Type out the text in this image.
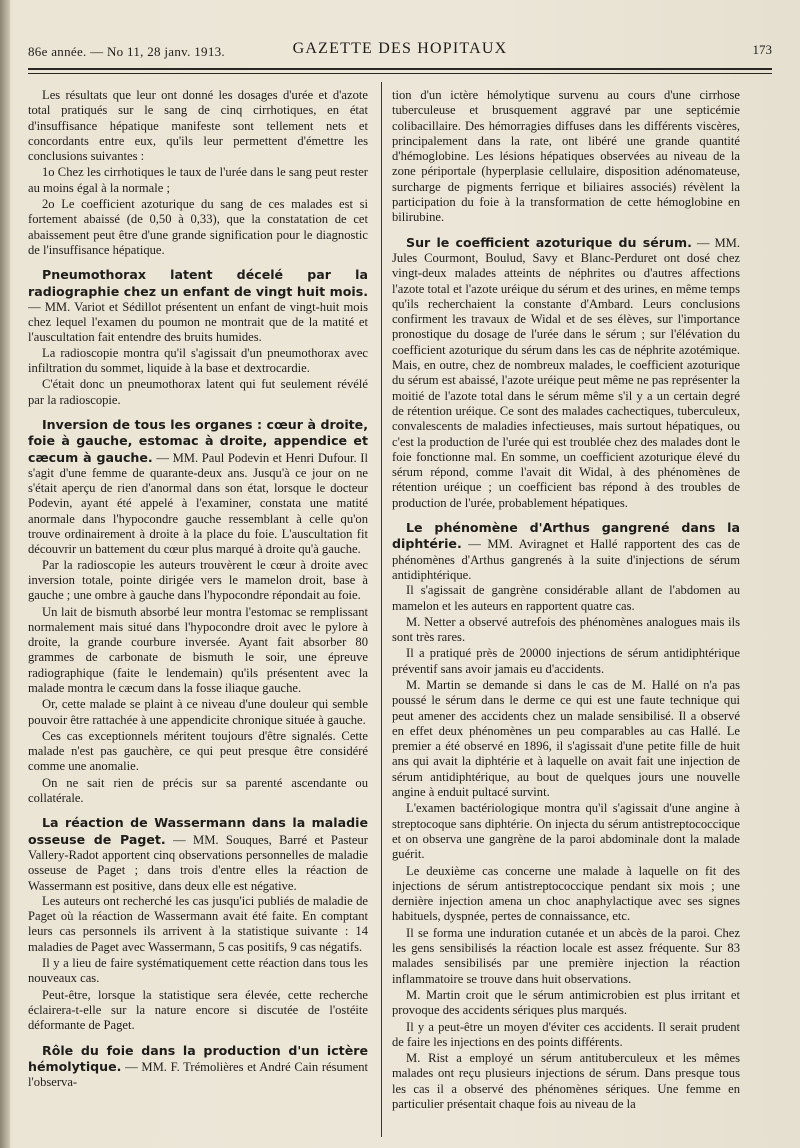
86e année. — No 11, 28 janv. 1913.	GAZETTE DES HOPITAUX	173

Les résultats que leur ont donné les dosages d'urée et d'azote total pratiqués sur le sang de cinq cirrhotiques, en état d'insuffisance hépatique manifeste sont tellement nets et concordants entre eux, qu'ils leur permettent d'émettre les conclusions suivantes :

1o Chez les cirrhotiques le taux de l'urée dans le sang peut rester au moins égal à la normale ;

2o Le coefficient azoturique du sang de ces malades est si fortement abaissé (de 0,50 à 0,33), que la constatation de cet abaissement peut être d'une grande signification pour le diagnostic de l'insuffisance hépatique.

Pneumothorax latent décelé par la radiographie chez un enfant de vingt huit mois.

— MM. Variot et Sédillot présentent un enfant de vingt-huit mois chez lequel l'examen du poumon ne montrait que de la matité et l'auscultation fait entendre des bruits humides.

La radioscopie montra qu'il s'agissait d'un pneumothorax avec infiltration du sommet, liquide à la base et dextrocardie.

C'était donc un pneumothorax latent qui fut seulement révélé par la radioscopie.

Inversion de tous les organes : cœur à droite, foie à gauche, estomac à droite, appendice et cæcum à gauche.

— MM. Paul Podevin et Henri Dufour. Il s'agit d'une femme de quarante-deux ans. Jusqu'à ce jour on ne s'était aperçu de rien d'anormal dans son état, lorsque le docteur Podevin, ayant été appelé à l'examiner, constata une matité anormale dans l'hypocondre gauche ressemblant à celle qu'on trouve ordinairement à droite à la place du foie. L'auscultation fit découvrir un battement du cœur plus marqué à droite qu'à gauche.

Par la radioscopie les auteurs trouvèrent le cœur à droite avec inversion totale, pointe dirigée vers le mamelon droit, base à gauche ; une ombre à gauche dans l'hypocondre répondait au foie.

Un lait de bismuth absorbé leur montra l'estomac se remplissant normalement mais situé dans l'hypocondre droit avec le pylore à droite, la grande courbure inversée. Ayant fait absorber 80 grammes de carbonate de bismuth le soir, une épreuve radiographique (faite le lendemain) qu'ils présentent avec la malade montra le cæcum dans la fosse iliaque gauche.

Or, cette malade se plaint à ce niveau d'une douleur qui semble pouvoir être rattachée à une appendicite chronique située à gauche.

Ces cas exceptionnels méritent toujours d'être signalés. Cette malade n'est pas gauchère, ce qui peut presque être considéré comme une anomalie.

On ne sait rien de précis sur sa parenté ascendante ou collatérale.

La réaction de Wassermann dans la maladie osseuse de Paget.

— MM. Souques, Barré et Pasteur Vallery-Radot apportent cinq observations personnelles de maladie osseuse de Paget ; dans trois d'entre elles la réaction de Wassermann est positive, dans deux elle est négative.

Les auteurs ont recherché les cas jusqu'ici publiés de maladie de Paget où la réaction de Wassermann avait été faite. En comptant leurs cas personnels ils arrivent à la statistique suivante : 14 maladies de Paget avec Wassermann, 5 cas positifs, 9 cas négatifs.

Il y a lieu de faire systématiquement cette réaction dans tous les nouveaux cas.

Peut-être, lorsque la statistique sera élevée, cette recherche éclairera-t-elle sur la nature encore si discutée de l'ostéite déformante de Paget.

Rôle du foie dans la production d'un ictère hémolytique.

— MM. F. Trémolières et André Cain résument l'observa-

tion d'un ictère hémolytique survenu au cours d'une cirrhose tuberculeuse et brusquement aggravé par une septicémie colibacillaire. Des hémorragies diffuses dans les différents viscères, principalement dans la rate, ont libéré une grande quantité d'hémoglobine. Les lésions hépatiques observées au niveau de la zone périportale (hyperplasie cellulaire, disposition adénomateuse, surcharge de pigments ferrique et biliaires associés) révèlent la participation du foie à la transformation de cette hémoglobine en bilirubine.

Sur le coefficient azoturique du sérum.

— MM. Jules Courmont, Boulud, Savy et Blanc-Perduret ont dosé chez vingt-deux malades atteints de néphrites ou d'autres affections l'azote total et l'azote uréique du sérum et des urines, en même temps qu'ils recherchaient la constante d'Ambard. Leurs conclusions confirment les travaux de Widal et de ses élèves, sur l'importance pronostique du dosage de l'urée dans le sérum ; sur l'élévation du coefficient azoturique du sérum dans les cas de néphrite azotémique. Mais, en outre, chez de nombreux malades, le coefficient azoturique du sérum est abaissé, l'azote uréique peut même ne pas représenter la moitié de l'azote total dans le sérum même s'il y a un certain degré de rétention uréique. Ce sont des malades cachectiques, tuberculeux, convalescents de maladies infectieuses, mais surtout hépatiques, ou c'est la production de l'urée qui est troublée chez des malades dont le foie fonctionne mal. En somme, un coefficient azoturique élevé du sérum répond, comme l'avait dit Widal, à des phénomènes de rétention uréique ; un coefficient bas répond à des troubles de production de l'urée, probablement hépatiques.

Le phénomène d'Arthus gangrené dans la diphtérie.

— MM. Aviragnet et Hallé rapportent des cas de phénomènes d'Arthus gangrenés à la suite d'injections de sérum antidiphtérique.

Il s'agissait de gangrène considérable allant de l'abdomen au mamelon et les auteurs en rapportent quatre cas.

M. Netter a observé autrefois des phénomènes analogues mais ils sont très rares.

Il a pratiqué près de 20000 injections de sérum antidiphtérique préventif sans avoir jamais eu d'accidents.

M. Martin se demande si dans le cas de M. Hallé on n'a pas poussé le sérum dans le derme ce qui est une faute technique qui peut amener des accidents chez un malade sensibilisé. Il a observé en effet deux phénomènes un peu comparables au cas Hallé. Le premier a été observé en 1896, il s'agissait d'une petite fille de huit ans qui avait la diphtérie et à laquelle on avait fait une injection de sérum antidiphtérique, au bout de quelques jours une nouvelle angine à enduit pultacé survint.

L'examen bactériologique montra qu'il s'agissait d'une angine à streptocoque sans diphtérie. On injecta du sérum antistreptococcique et on observa une gangrène de la paroi abdominale dont la malade guérit.

Le deuxième cas concerne une malade à laquelle on fit des injections de sérum antistreptococcique pendant six mois ; une dernière injection amena un choc anaphylactique avec ses signes habituels, dyspnée, pertes de connaissance, etc.

Il se forma une induration cutanée et un abcès de la paroi. Chez les gens sensibilisés la réaction locale est assez fréquente. Sur 83 malades sensibilisés par une première injection la réaction inflammatoire se trouve dans huit observations.

M. Martin croit que le sérum antimicrobien est plus irritant et provoque des accidents sériques plus marqués.

Il y a peut-être un moyen d'éviter ces accidents. Il serait prudent de faire les injections en des points différents.

M. Rist a employé un sérum antituberculeux et les mêmes malades ont reçu plusieurs injections de sérum. Dans presque tous les cas il a observé des phénomènes sériques. Une femme en particulier présentait chaque fois au niveau de la
